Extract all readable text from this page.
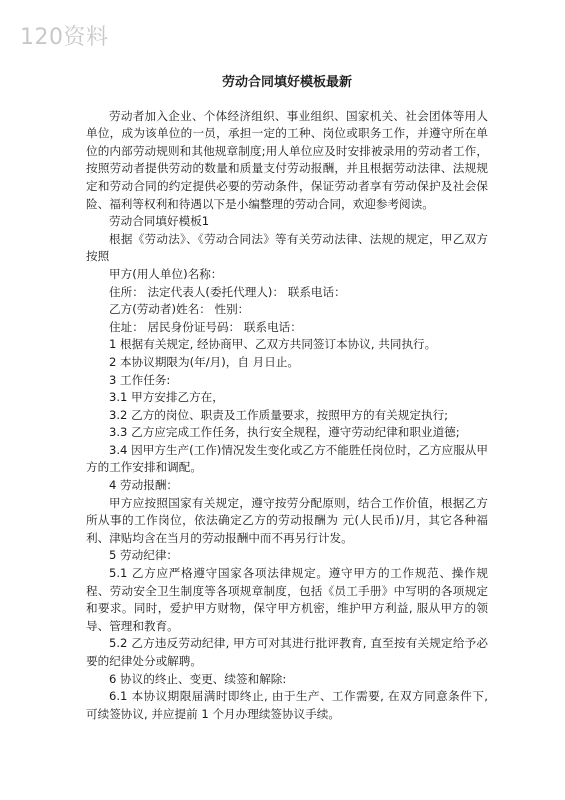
120资料
劳动合同填好模板最新

劳动者加入企业、个体经济组织、事业组织、国家机关、社会团体等用人单位，成为该单位的一员，承担一定的工种、岗位或职务工作，并遵守所在单位的内部劳动规则和其他规章制度;用人单位应及时安排被录用的劳动者工作，按照劳动者提供劳动的数量和质量支付劳动报酬，并且根据劳动法律、法规规定和劳动合同的约定提供必要的劳动条件，保证劳动者享有劳动保护及社会保险、福利等权利和待遇以下是小编整理的劳动合同，欢迎参考阅读。

劳动合同填好模板1

根据《劳动法》、《劳动合同法》等有关劳动法律、法规的规定，甲乙双方按照

甲方(用人单位)名称：

住所： 法定代表人(委托代理人)： 联系电话：

乙方(劳动者)姓名： 性别：

住址： 居民身份证号码： 联系电话：

1 根据有关规定, 经协商甲、乙双方共同签订本协议, 共同执行。

2 本协议期限为(年/月)，自 月日止。

3 工作任务:

3.1 甲方安排乙方在，

3.2 乙方的岗位、职责及工作质量要求，按照甲方的有关规定执行;

3.3 乙方应完成工作任务，执行安全规程，遵守劳动纪律和职业道德;

3.4 因甲方生产(工作)情况发生变化或乙方不能胜任岗位时，乙方应服从甲方的工作安排和调配。

4 劳动报酬：

甲方应按照国家有关规定，遵守按劳分配原则，结合工作价值，根据乙方所从事的工作岗位，依法确定乙方的劳动报酬为 元(人民币)/月，其它各种福利、津贴均含在当月的劳动报酬中而不再另行计发。

5 劳动纪律：

5.1 乙方应严格遵守国家各项法律规定。遵守甲方的工作规范、操作规程、劳动安全卫生制度等各项规章制度，包括《员工手册》中写明的各项规定和要求。同时，爱护甲方财物，保守甲方机密，维护甲方利益, 服从甲方的领导、管理和教育。

5.2 乙方违反劳动纪律, 甲方可对其进行批评教育, 直至按有关规定给予必要的纪律处分或解聘。

6 协议的终止、变更、续签和解除:

6.1 本协议期限届满时即终止, 由于生产、工作需要, 在双方同意条件下, 可续签协议, 并应提前 1 个月办理续签协议手续。
